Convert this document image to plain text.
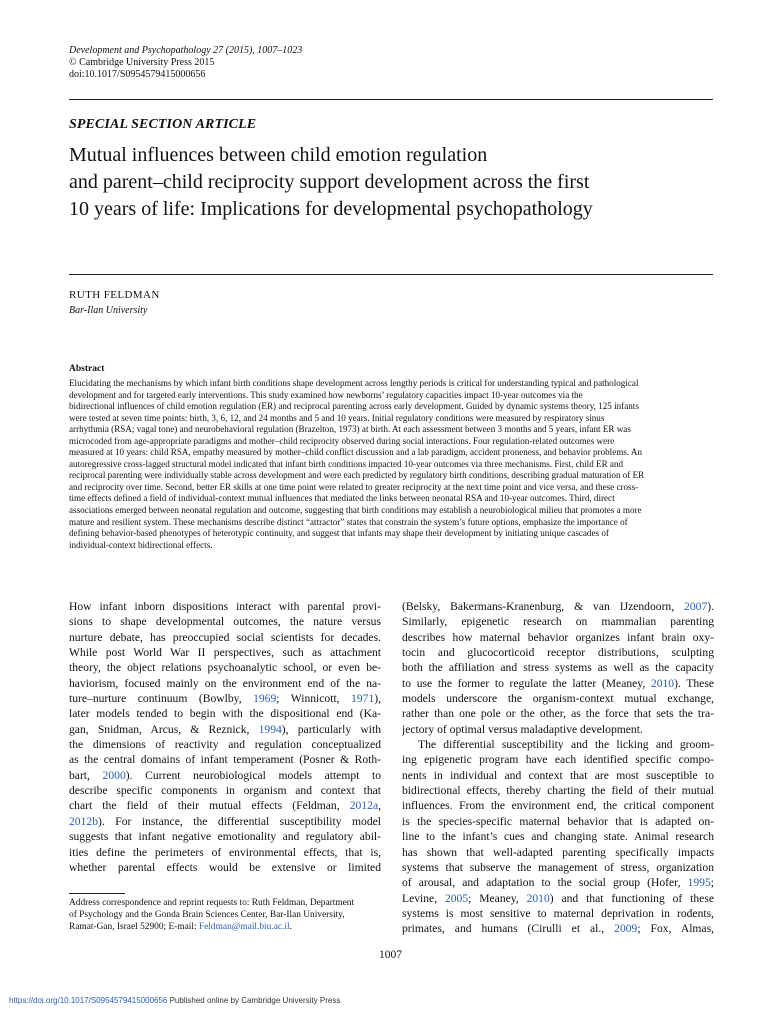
Development and Psychopathology 27 (2015), 1007–1023
© Cambridge University Press 2015
doi:10.1017/S0954579415000656
SPECIAL SECTION ARTICLE
Mutual influences between child emotion regulation
and parent–child reciprocity support development across the first
10 years of life: Implications for developmental psychopathology
RUTH FELDMAN
Bar-Ilan University
Abstract
Elucidating the mechanisms by which infant birth conditions shape development across lengthy periods is critical for understanding typical and pathological
development and for targeted early interventions. This study examined how newborns’ regulatory capacities impact 10-year outcomes via the
bidirectional influences of child emotion regulation (ER) and reciprocal parenting across early development. Guided by dynamic systems theory, 125 infants
were tested at seven time points: birth, 3, 6, 12, and 24 months and 5 and 10 years. Initial regulatory conditions were measured by respiratory sinus
arrhythmia (RSA; vagal tone) and neurobehavioral regulation (Brazelton, 1973) at birth. At each assessment between 3 months and 5 years, infant ER was
microcoded from age-appropriate paradigms and mother–child reciprocity observed during social interactions. Four regulation-related outcomes were
measured at 10 years: child RSA, empathy measured by mother–child conflict discussion and a lab paradigm, accident proneness, and behavior problems. An
autoregressive cross-lagged structural model indicated that infant birth conditions impacted 10-year outcomes via three mechanisms. First, child ER and
reciprocal parenting were individually stable across development and were each predicted by regulatory birth conditions, describing gradual maturation of ER
and reciprocity over time. Second, better ER skills at one time point were related to greater reciprocity at the next time point and vice versa, and these cross-
time effects defined a field of individual-context mutual influences that mediated the links between neonatal RSA and 10-year outcomes. Third, direct
associations emerged between neonatal regulation and outcome, suggesting that birth conditions may establish a neurobiological milieu that promotes a more
mature and resilient system. These mechanisms describe distinct “attractor” states that constrain the system’s future options, emphasize the importance of
defining behavior-based phenotypes of heterotypic continuity, and suggest that infants may shape their development by initiating unique cascades of
individual-context bidirectional effects.
How infant inborn dispositions interact with parental provi-
sions to shape developmental outcomes, the nature versus
nurture debate, has preoccupied social scientists for decades.
While post World War II perspectives, such as attachment
theory, the object relations psychoanalytic school, or even be-
haviorism, focused mainly on the environment end of the na-
ture–nurture continuum (Bowlby, 1969; Winnicott, 1971),
later models tended to begin with the dispositional end (Ka-
gan, Snidman, Arcus, & Reznick, 1994), particularly with
the dimensions of reactivity and regulation conceptualized
as the central domains of infant temperament (Posner & Roth-
bart, 2000). Current neurobiological models attempt to
describe specific components in organism and context that
chart the field of their mutual effects (Feldman, 2012a,
2012b). For instance, the differential susceptibility model
suggests that infant negative emotionality and regulatory abil-
ities define the perimeters of environmental effects, that is,
whether parental effects would be extensive or limited
(Belsky, Bakermans-Kranenburg, & van IJzendoorn, 2007).
Similarly, epigenetic research on mammalian parenting
describes how maternal behavior organizes infant brain oxy-
tocin and glucocorticoid receptor distributions, sculpting
both the affiliation and stress systems as well as the capacity
to use the former to regulate the latter (Meaney, 2010). These
models underscore the organism-context mutual exchange,
rather than one pole or the other, as the force that sets the tra-
jectory of optimal versus maladaptive development.
The differential susceptibility and the licking and groom-
ing epigenetic program have each identified specific compo-
nents in individual and context that are most susceptible to
bidirectional effects, thereby charting the field of their mutual
influences. From the environment end, the critical component
is the species-specific maternal behavior that is adapted on-
line to the infant’s cues and changing state. Animal research
has shown that well-adapted parenting specifically impacts
systems that subserve the management of stress, organization
of arousal, and adaptation to the social group (Hofer, 1995;
Levine, 2005; Meaney, 2010) and that functioning of these
systems is most sensitive to maternal deprivation in rodents,
primates, and humans (Cirulli et al., 2009; Fox, Almas,
Address correspondence and reprint requests to: Ruth Feldman, Department
of Psychology and the Gonda Brain Sciences Center, Bar-Ilan University,
Ramat-Gan, Israel 52900; E-mail: Feldman@mail.biu.ac.il.
1007
https://doi.org/10.1017/S0954579415000656 Published online by Cambridge University Press
